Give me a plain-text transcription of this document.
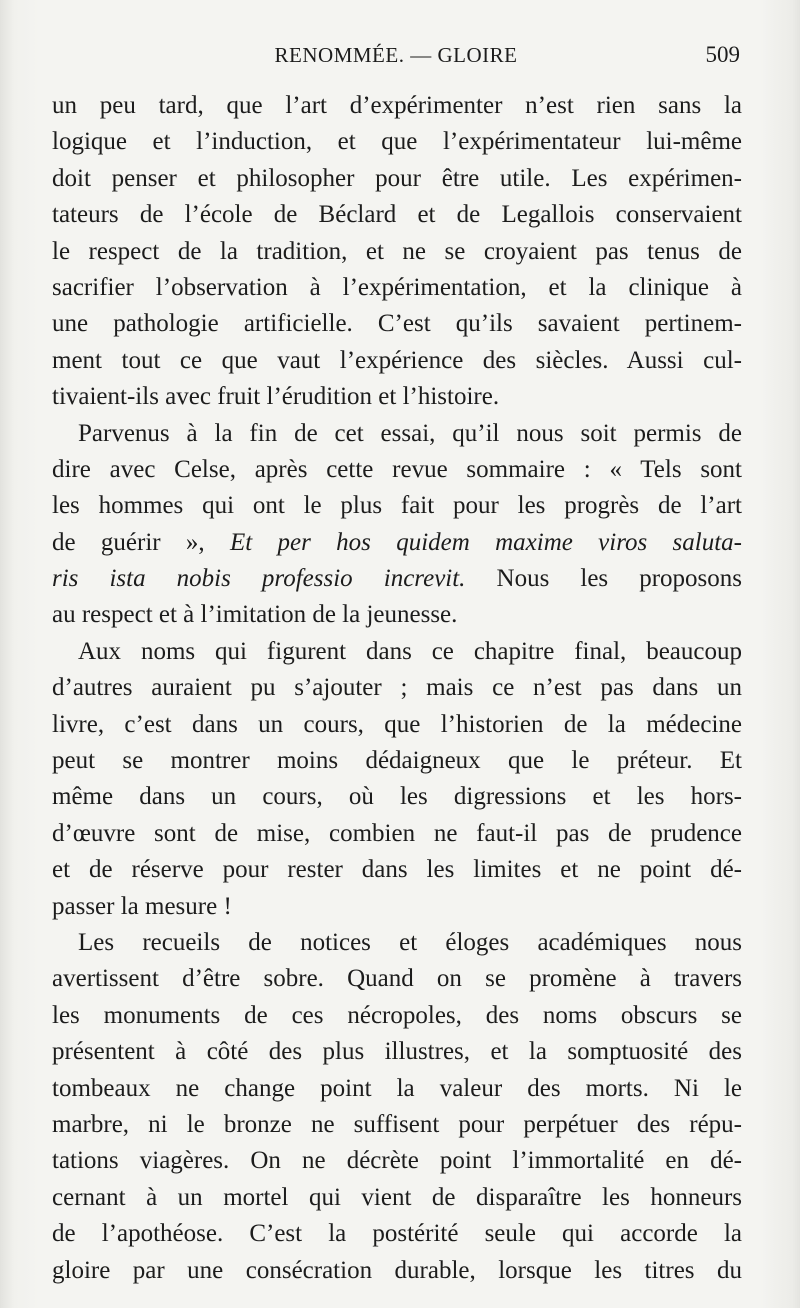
RENOMMÉE. — GLOIRE	509
un peu tard, que l’art d’expérimenter n’est rien sans la
logique et l’induction, et que l’expérimentateur lui-même
doit penser et philosopher pour être utile. Les expérimen-
tateurs de l’école de Béclard et de Legallois conservaient
le respect de la tradition, et ne se croyaient pas tenus de
sacrifier l’observation à l’expérimentation, et la clinique à
une pathologie artificielle. C’est qu’ils savaient pertinem-
ment tout ce que vaut l’expérience des siècles. Aussi cul-
tivaient-ils avec fruit l’érudition et l’histoire.
Parvenus à la fin de cet essai, qu’il nous soit permis de
dire avec Celse, après cette revue sommaire : « Tels sont
les hommes qui ont le plus fait pour les progrès de l’art
de guérir », Et per hos quidem maxime viros saluta-
ris ista nobis professio increvit. Nous les proposons
au respect et à l’imitation de la jeunesse.
Aux noms qui figurent dans ce chapitre final, beaucoup
d’autres auraient pu s’ajouter ; mais ce n’est pas dans un
livre, c’est dans un cours, que l’historien de la médecine
peut se montrer moins dédaigneux que le préteur. Et
même dans un cours, où les digressions et les hors-
d’œuvre sont de mise, combien ne faut-il pas de prudence
et de réserve pour rester dans les limites et ne point dé-
passer la mesure !
Les recueils de notices et éloges académiques nous
avertissent d’être sobre. Quand on se promène à travers
les monuments de ces nécropoles, des noms obscurs se
présentent à côté des plus illustres, et la somptuosité des
tombeaux ne change point la valeur des morts. Ni le
marbre, ni le bronze ne suffisent pour perpétuer des répu-
tations viagères. On ne décrète point l’immortalité en dé-
cernant à un mortel qui vient de disparaître les honneurs
de l’apothéose. C’est la postérité seule qui accorde la
gloire par une consécration durable, lorsque les titres du
